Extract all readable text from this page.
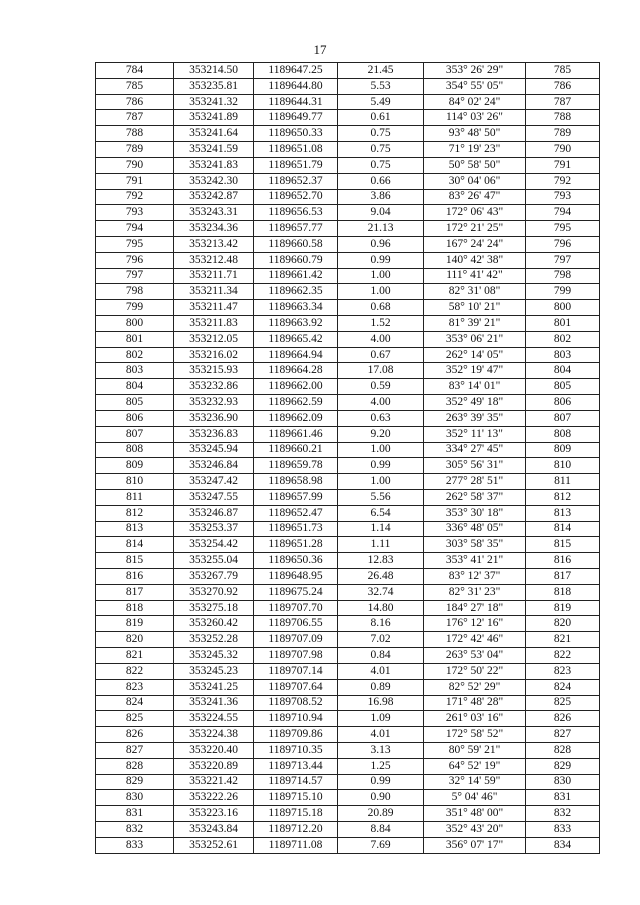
17
784	353214.50	1189647.25	21.45	353° 26' 29"	785
785	353235.81	1189644.80	5.53	354° 55' 05"	786
786	353241.32	1189644.31	5.49	84° 02' 24"	787
787	353241.89	1189649.77	0.61	114° 03' 26"	788
788	353241.64	1189650.33	0.75	93° 48' 50"	789
789	353241.59	1189651.08	0.75	71° 19' 23"	790
790	353241.83	1189651.79	0.75	50° 58' 50"	791
791	353242.30	1189652.37	0.66	30° 04' 06"	792
792	353242.87	1189652.70	3.86	83° 26' 47"	793
793	353243.31	1189656.53	9.04	172° 06' 43"	794
794	353234.36	1189657.77	21.13	172° 21' 25"	795
795	353213.42	1189660.58	0.96	167° 24' 24"	796
796	353212.48	1189660.79	0.99	140° 42' 38"	797
797	353211.71	1189661.42	1.00	111° 41' 42"	798
798	353211.34	1189662.35	1.00	82° 31' 08"	799
799	353211.47	1189663.34	0.68	58° 10' 21"	800
800	353211.83	1189663.92	1.52	81° 39' 21"	801
801	353212.05	1189665.42	4.00	353° 06' 21"	802
802	353216.02	1189664.94	0.67	262° 14' 05"	803
803	353215.93	1189664.28	17.08	352° 19' 47"	804
804	353232.86	1189662.00	0.59	83° 14' 01"	805
805	353232.93	1189662.59	4.00	352° 49' 18"	806
806	353236.90	1189662.09	0.63	263° 39' 35"	807
807	353236.83	1189661.46	9.20	352° 11' 13"	808
808	353245.94	1189660.21	1.00	334° 27' 45"	809
809	353246.84	1189659.78	0.99	305° 56' 31"	810
810	353247.42	1189658.98	1.00	277° 28' 51"	811
811	353247.55	1189657.99	5.56	262° 58' 37"	812
812	353246.87	1189652.47	6.54	353° 30' 18"	813
813	353253.37	1189651.73	1.14	336° 48' 05"	814
814	353254.42	1189651.28	1.11	303° 58' 35"	815
815	353255.04	1189650.36	12.83	353° 41' 21"	816
816	353267.79	1189648.95	26.48	83° 12' 37"	817
817	353270.92	1189675.24	32.74	82° 31' 23"	818
818	353275.18	1189707.70	14.80	184° 27' 18"	819
819	353260.42	1189706.55	8.16	176° 12' 16"	820
820	353252.28	1189707.09	7.02	172° 42' 46"	821
821	353245.32	1189707.98	0.84	263° 53' 04"	822
822	353245.23	1189707.14	4.01	172° 50' 22"	823
823	353241.25	1189707.64	0.89	82° 52' 29"	824
824	353241.36	1189708.52	16.98	171° 48' 28"	825
825	353224.55	1189710.94	1.09	261° 03' 16"	826
826	353224.38	1189709.86	4.01	172° 58' 52"	827
827	353220.40	1189710.35	3.13	80° 59' 21"	828
828	353220.89	1189713.44	1.25	64° 52' 19"	829
829	353221.42	1189714.57	0.99	32° 14' 59"	830
830	353222.26	1189715.10	0.90	5° 04' 46"	831
831	353223.16	1189715.18	20.89	351° 48' 00"	832
832	353243.84	1189712.20	8.84	352° 43' 20"	833
833	353252.61	1189711.08	7.69	356° 07' 17"	834
